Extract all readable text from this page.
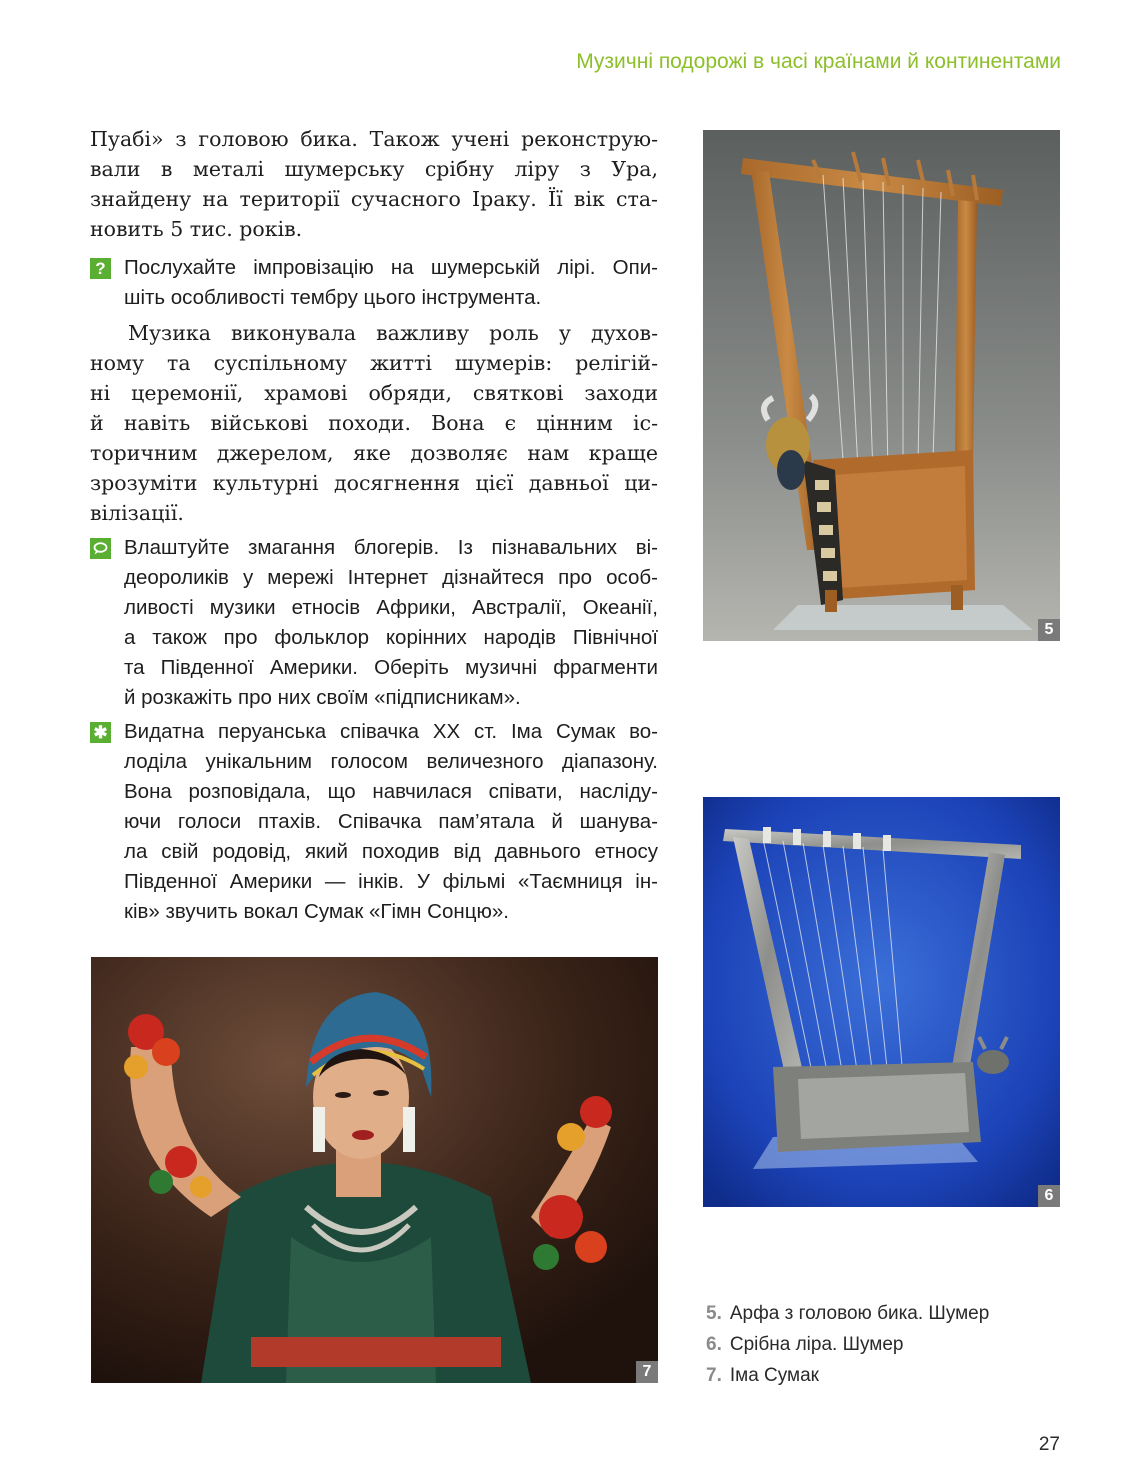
Музичні подорожі в часі країнами й континентами
Пуабі» з головою бика. Також учені реконструю-
вали в металі шумерську срібну ліру з Ура,
знайдену на території сучасного Іраку. Її вік ста-
новить 5 тис. років.
? Послухайте імпровізацію на шумерській лірі. Опи-
шіть особливості тембру цього інструмента.
Музика виконувала важливу роль у духов-
ному та суспільному житті шумерів: релігій-
ні церемонії, храмові обряди, святкові заходи
й навіть військові походи. Вона є цінним іс-
торичним джерелом, яке дозволяє нам краще
зрозуміти культурні досягнення цієї давньої ци-
вілізації.
Влаштуйте змагання блогерів. Із пізнавальних ві-
деороликів у мережі Інтернет дізнайтеся про особ-
ливості музики етносів Африки, Австралії, Океанії,
а також про фольклор корінних народів Північної
та Південної Америки. Оберіть музичні фрагменти
й розкажіть про них своїм «підписникам».
✱ Видатна перуанська співачка XX ст. Іма Сумак во-
лоділа унікальним голосом величезного діапазону.
Вона розповідала, що навчилася співати, наслiду-
ючи голоси птахів. Співачка пам’ятала й шанува-
ла свій родовід, який походив від давнього етносу
Південної Америки — інків. У фільмі «Таємниця ін-
ків» звучить вокал Сумак «Гімн Сонцю».
5
6
7
5. Арфа з головою бика. Шумер
6. Срібна ліра. Шумер
7. Іма Сумак
27
